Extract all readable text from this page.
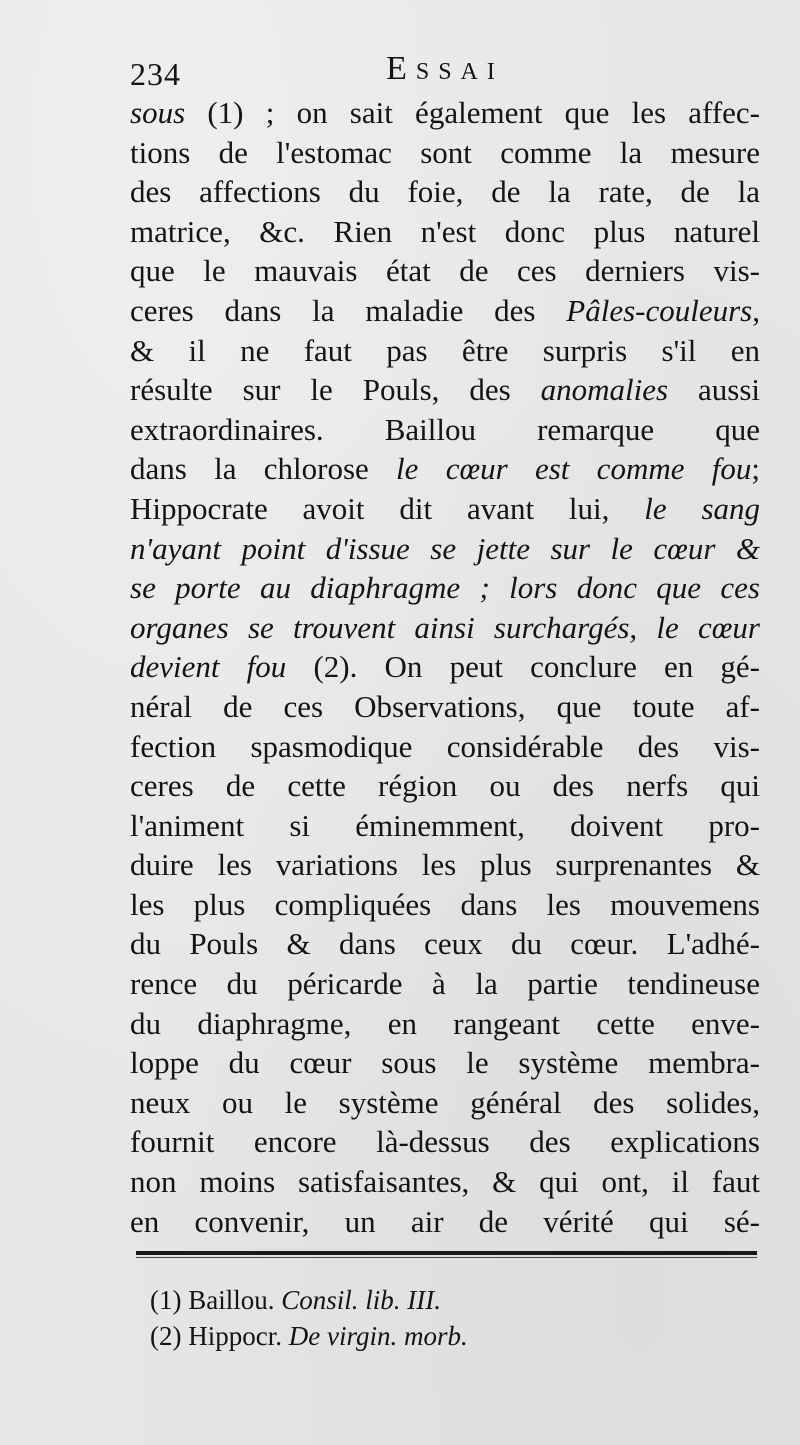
234	Essai
sous (1) ; on sait également que les affec-
tions de l'estomac sont comme la mesure
des affections du foie, de la rate, de la
matrice, &c. Rien n'est donc plus naturel
que le mauvais état de ces derniers vis-
ceres dans la maladie des Pâles-couleurs,
& il ne faut pas être surpris s'il en
résulte sur le Pouls, des anomalies aussi
extraordinaires. Baillou remarque que
dans la chlorose le cœur est comme fou;
Hippocrate avoit dit avant lui, le sang
n'ayant point d'issue se jette sur le cœur &
se porte au diaphragme ; lors donc que ces
organes se trouvent ainsi surchargés, le cœur
devient fou (2). On peut conclure en gé-
néral de ces Observations, que toute af-
fection spasmodique considérable des vis-
ceres de cette région ou des nerfs qui
l'animent si éminemment, doivent pro-
duire les variations les plus surprenantes &
les plus compliquées dans les mouvemens
du Pouls & dans ceux du cœur. L'adhé-
rence du péricarde à la partie tendineuse
du diaphragme, en rangeant cette enve-
loppe du cœur sous le système membra-
neux ou le système général des solides,
fournit encore là-dessus des explications
non moins satisfaisantes, & qui ont, il faut
en convenir, un air de vérité qui sé-
(1) Baillou. Consil. lib. III.
(2) Hippocr. De virgin. morb.
